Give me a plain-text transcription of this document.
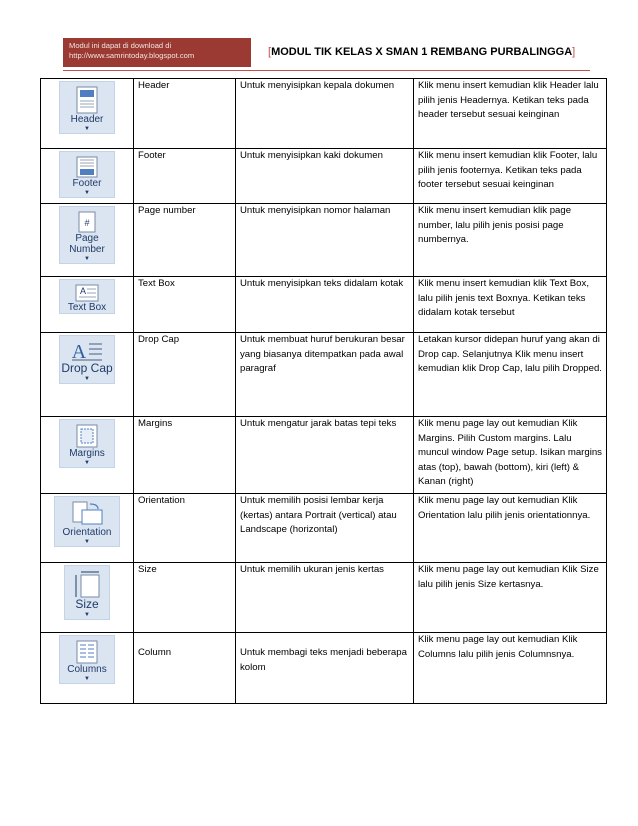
Modul ini dapat di download di
http://www.samrintoday.blogspot.com	[MODUL TIK KELAS X SMAN 1 REMBANG PURBALINGGA]
Header
▼	Header	Untuk menyisipkan kepala dokumen	Klik menu insert kemudian klik Header lalu pilih jenis Headernya. Ketikan teks pada header tersebut sesuai keinginan

Footer
▼	Footer	Untuk menyisipkan kaki dokumen	Klik menu insert kemudian klik Footer, lalu pilih jenis footernya. Ketikan teks pada footer tersebut sesuai keinginan

#
Page Number
▼	Page number	Untuk menyisipkan nomor halaman	Klik menu insert kemudian klik page number, lalu pilih jenis posisi page numbernya.

A
Text Box	Text Box	Untuk menyisipkan teks didalam kotak	Klik menu insert kemudian klik Text Box, lalu pilih jenis text Boxnya. Ketikan teks didalam kotak tersebut

A
Drop Cap
▼	Drop Cap	Untuk membuat huruf berukuran besar yang biasanya ditempatkan pada awal paragraf	Letakan kursor didepan huruf yang akan di Drop cap. Selanjutnya Klik menu insert kemudian klik Drop Cap, lalu pilih Dropped.

Margins
▼	Margins	Untuk mengatur jarak batas tepi teks	Klik menu page lay out kemudian Klik Margins. Pilih Custom margins. Lalu muncul window Page setup. Isikan margins atas (top), bawah (bottom), kiri (left) & Kanan (right)

Orientation
▼	Orientation	Untuk memilih posisi lembar kerja (kertas) antara Portrait (vertical) atau Landscape (horizontal)	Klik menu page lay out kemudian Klik Orientation lalu pilih jenis orientationnya.

Size
▼	Size	Untuk memilih ukuran jenis kertas	Klik menu page lay out kemudian Klik Size lalu pilih jenis Size kertasnya.

Columns
▼	Column	Untuk membagi teks menjadi beberapa kolom	Klik menu page lay out kemudian Klik Columns lalu pilih jenis Columnsnya.
